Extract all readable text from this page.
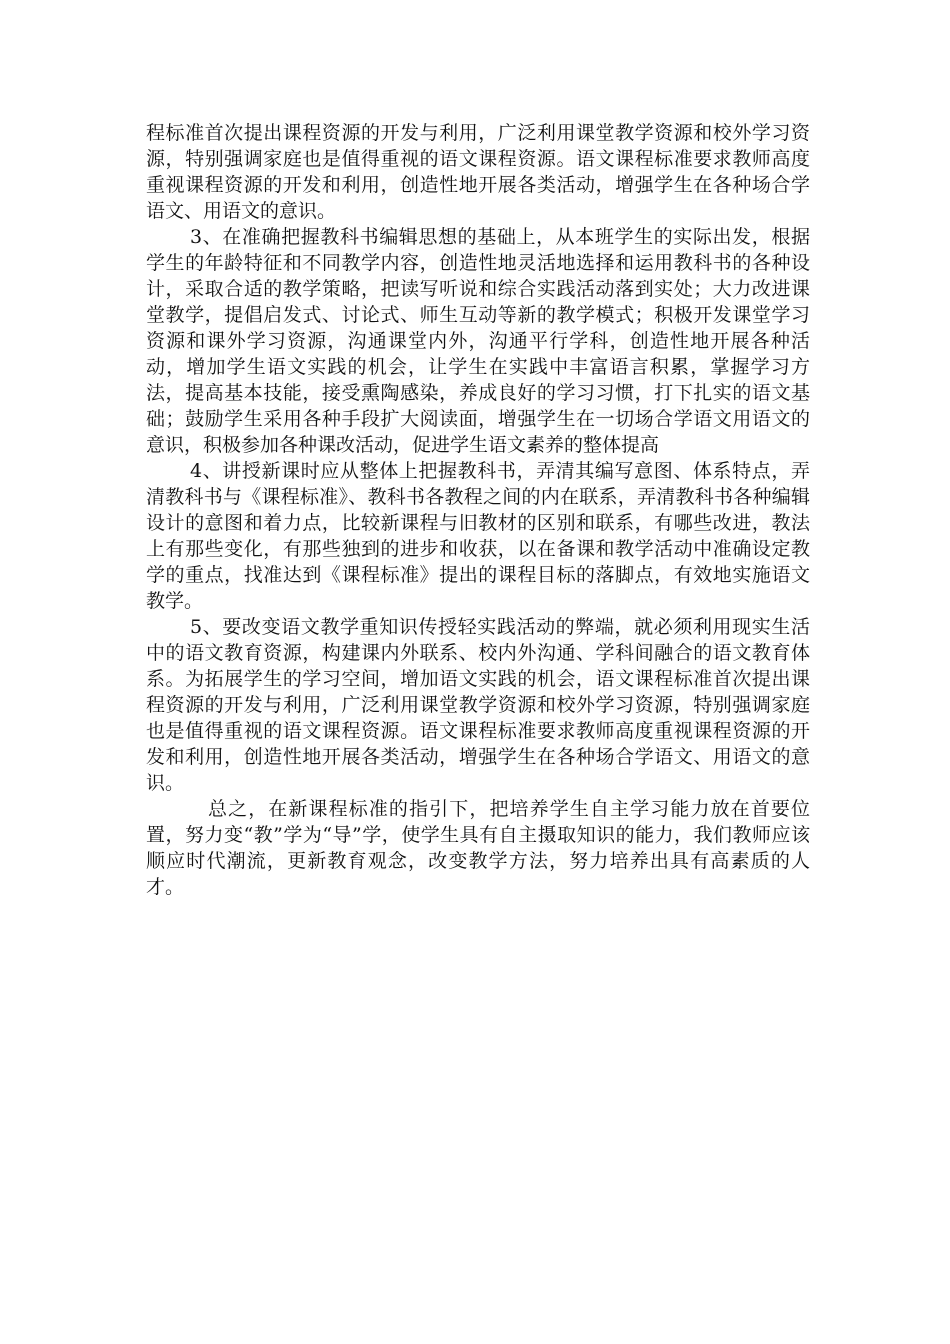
程标准首次提出课程资源的开发与利用，广泛利用课堂教学资源和校外学习资源，特别强调家庭也是值得重视的语文课程资源。语文课程标准要求教师高度重视课程资源的开发和利用，创造性地开展各类活动，增强学生在各种场合学语文、用语文的意识。

3、在准确把握教科书编辑思想的基础上，从本班学生的实际出发，根据学生的年龄特征和不同教学内容，创造性地灵活地选择和运用教科书的各种设计，采取合适的教学策略，把读写听说和综合实践活动落到实处；大力改进课堂教学，提倡启发式、讨论式、师生互动等新的教学模式；积极开发课堂学习资源和课外学习资源，沟通课堂内外，沟通平行学科，创造性地开展各种活动，增加学生语文实践的机会，让学生在实践中丰富语言积累，掌握学习方法，提高基本技能，接受熏陶感染，养成良好的学习习惯，打下扎实的语文基础；鼓励学生采用各种手段扩大阅读面，增强学生在一切场合学语文用语文的意识，积极参加各种课改活动，促进学生语文素养的整体提高

4、讲授新课时应从整体上把握教科书，弄清其编写意图、体系特点，弄清教科书与《课程标准》、教科书各教程之间的内在联系，弄清教科书各种编辑设计的意图和着力点，比较新课程与旧教材的区别和联系，有哪些改进，教法上有那些变化，有那些独到的进步和收获，以在备课和教学活动中准确设定教学的重点，找准达到《课程标准》提出的课程目标的落脚点，有效地实施语文教学。

5、要改变语文教学重知识传授轻实践活动的弊端，就必须利用现实生活中的语文教育资源，构建课内外联系、校内外沟通、学科间融合的语文教育体系。为拓展学生的学习空间，增加语文实践的机会，语文课程标准首次提出课程资源的开发与利用，广泛利用课堂教学资源和校外学习资源，特别强调家庭也是值得重视的语文课程资源。语文课程标准要求教师高度重视课程资源的开发和利用，创造性地开展各类活动，增强学生在各种场合学语文、用语文的意识。

总之，在新课程标准的指引下，把培养学生自主学习能力放在首要位置，努力变“教”学为“导”学，使学生具有自主摄取知识的能力，我们教师应该顺应时代潮流，更新教育观念，改变教学方法，努力培养出具有高素质的人才。
